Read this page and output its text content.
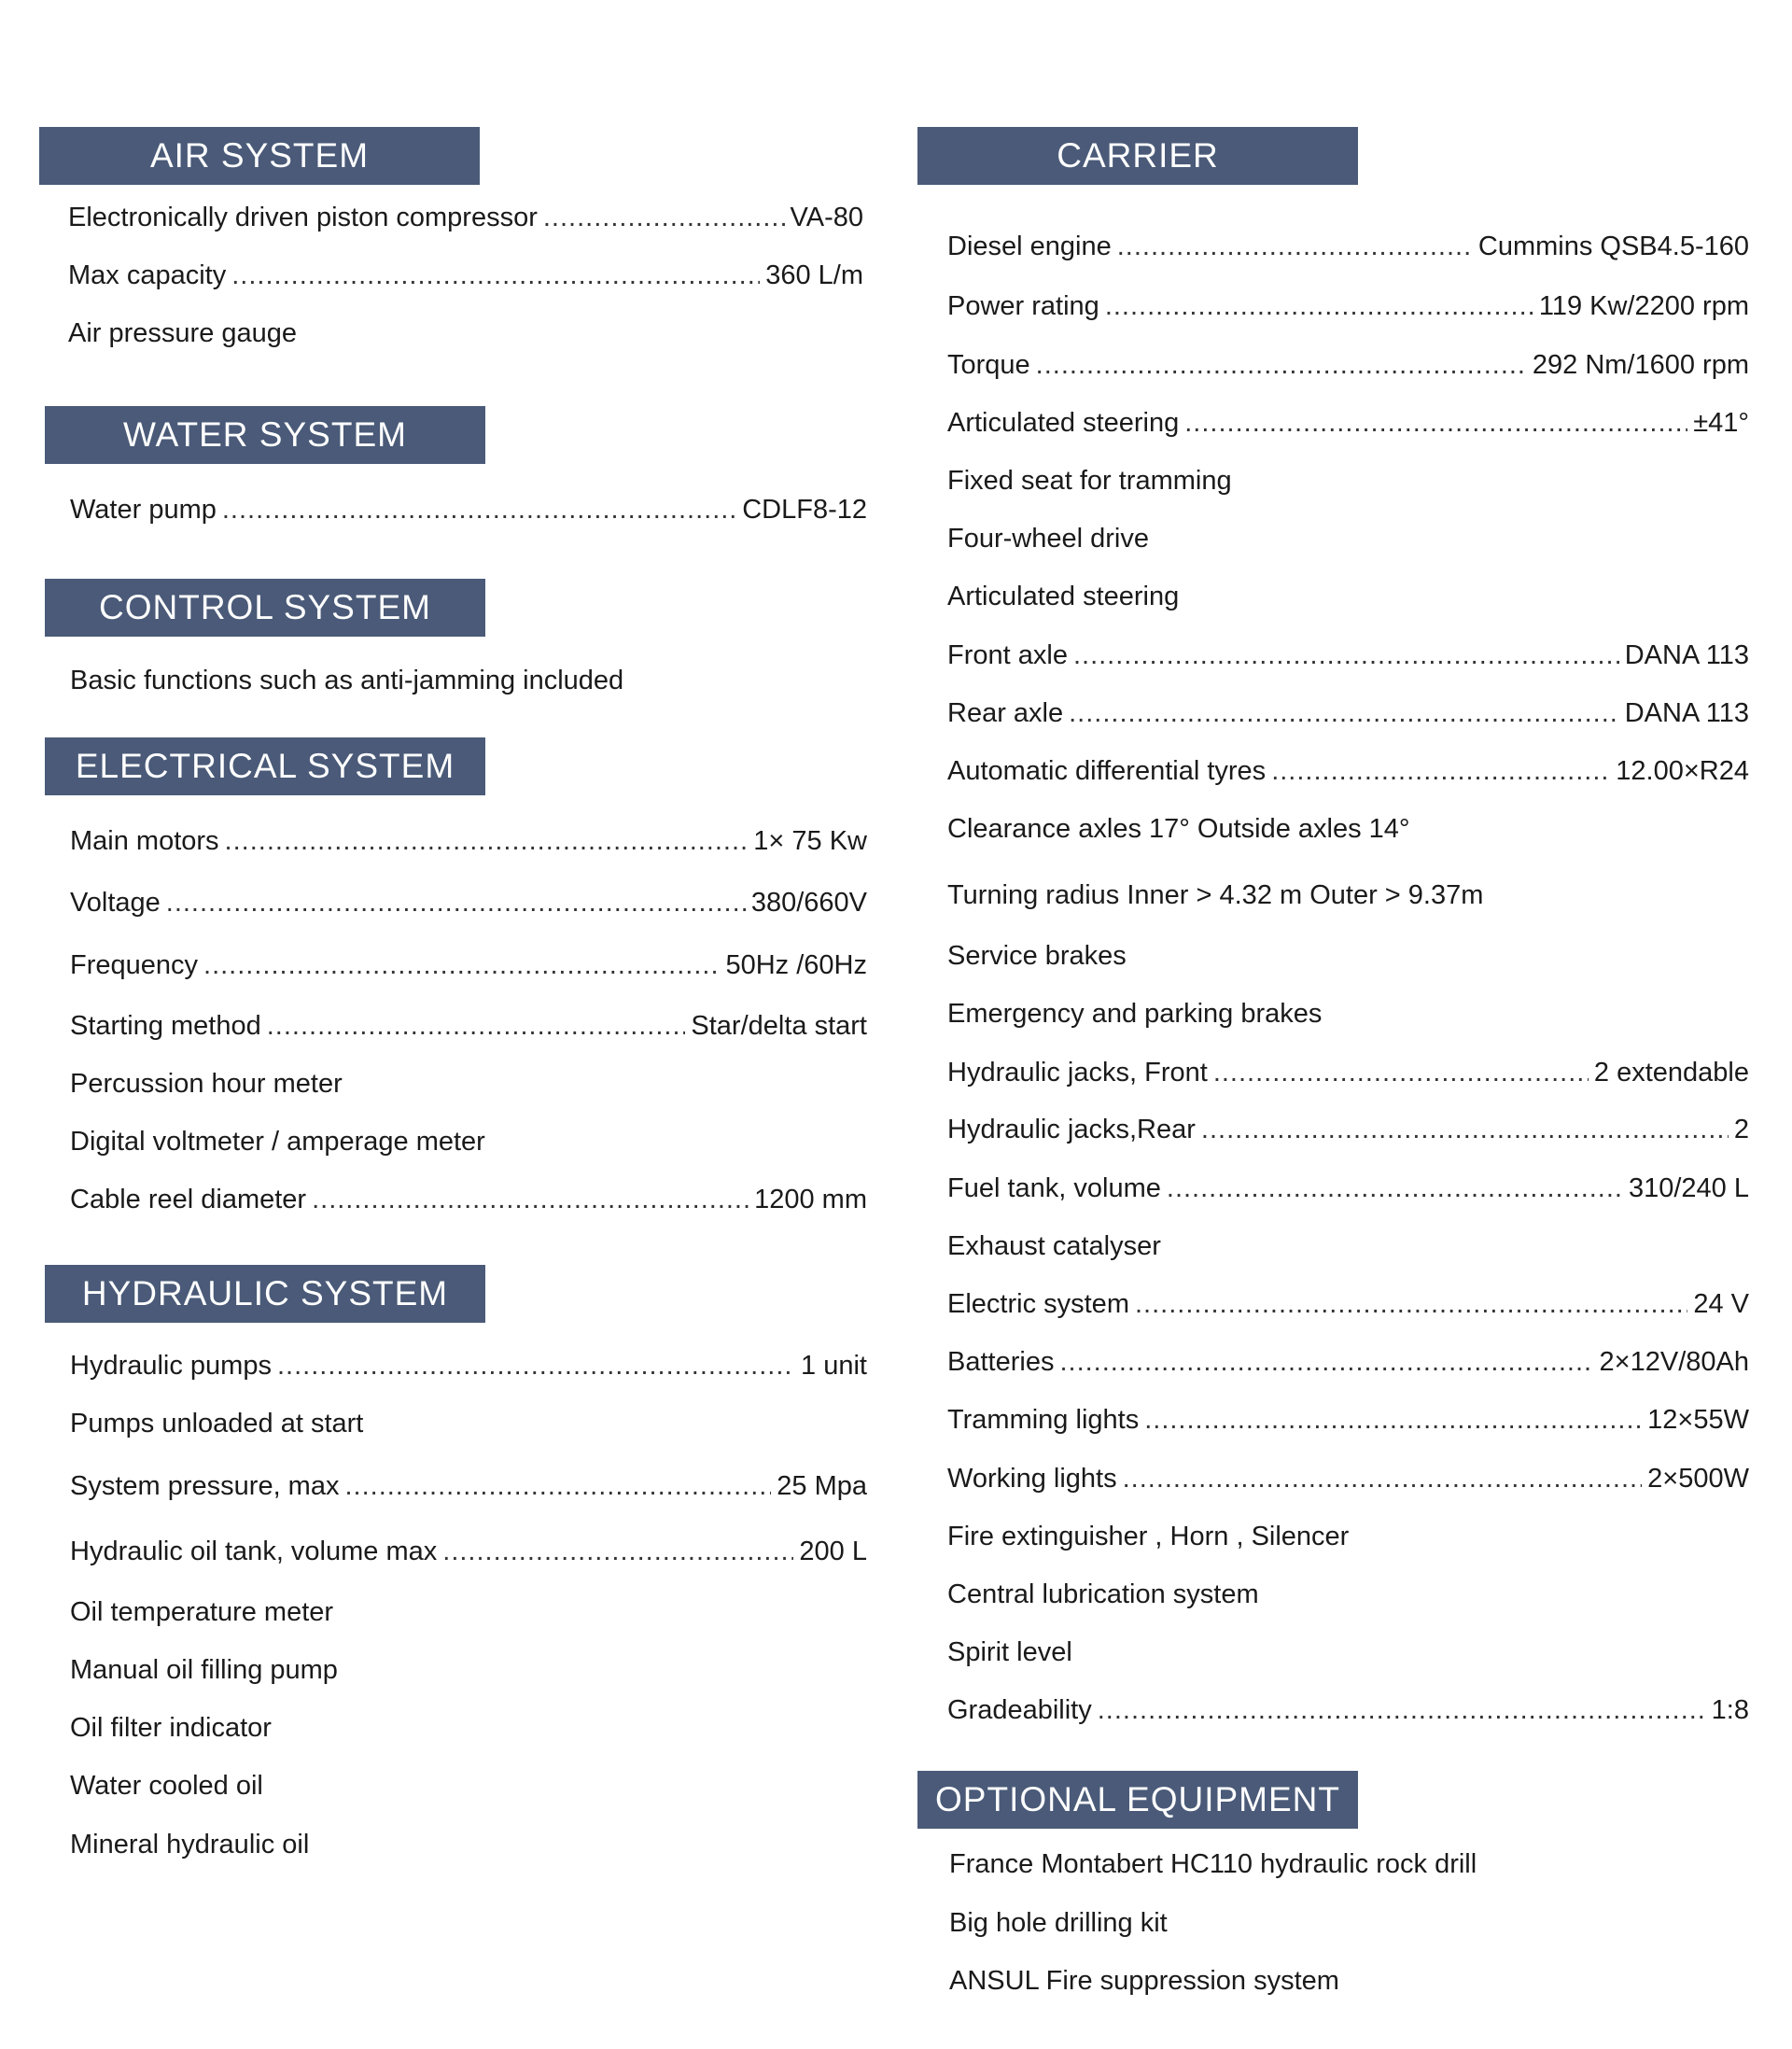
AIR SYSTEM
Electronically driven piston compressor .....	VA-80
Max capacity .....	360 L/m
Air pressure gauge
WATER SYSTEM
Water pump .....	CDLF8-12
CONTROL SYSTEM
Basic functions such as anti-jamming included
ELECTRICAL SYSTEM
Main motors .....	1× 75 Kw
Voltage .....	380/660V
Frequency .....	50Hz /60Hz
Starting method .....	Star/delta start
Percussion hour meter
Digital voltmeter / amperage meter
Cable reel diameter .....	1200 mm
HYDRAULIC SYSTEM
Hydraulic pumps .....	1 unit
Pumps unloaded at start
System pressure, max .....	25 Mpa
Hydraulic oil tank, volume max .....	200 L
Oil temperature meter
Manual oil filling pump
Oil filter indicator
Water cooled oil
Mineral hydraulic oil
CARRIER
Diesel engine .....	Cummins QSB4.5-160
Power rating .....	119 Kw/2200 rpm
Torque .....	292 Nm/1600 rpm
Articulated steering .....	±41°
Fixed seat for tramming
Four-wheel drive
Articulated steering
Front axle .....	DANA 113
Rear axle .....	DANA 113
Automatic differential tyres .....	12.00×R24
Clearance axles 17° Outside axles 14°
Turning radius Inner > 4.32 m Outer > 9.37m
Service brakes
Emergency and parking brakes
Hydraulic jacks, Front .....	2 extendable
Hydraulic jacks,Rear .....	2
Fuel tank, volume .....	310/240 L
Exhaust catalyser
Electric system .....	24 V
Batteries .....	2×12V/80Ah
Tramming lights .....	12×55W
Working lights .....	2×500W
Fire extinguisher , Horn , Silencer
Central lubrication system
Spirit level
Gradeability .....	1:8
OPTIONAL EQUIPMENT
France Montabert HC110 hydraulic rock drill
Big hole drilling kit
ANSUL Fire suppression system
